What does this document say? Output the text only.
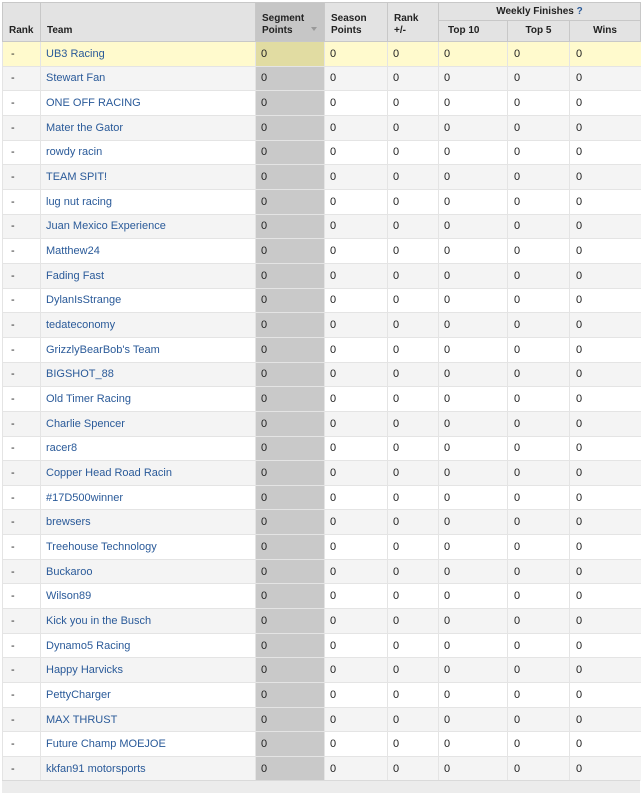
Rank	Team	Segment Points	Season Points	Rank +/-	Weekly Finishes ?		
					Top 10	Top 5	Wins
-	UB3 Racing	0	0	0	0	0	0
-	Stewart Fan	0	0	0	0	0	0
-	ONE OFF RACING	0	0	0	0	0	0
-	Mater the Gator	0	0	0	0	0	0
-	rowdy racin	0	0	0	0	0	0
-	TEAM SPIT!	0	0	0	0	0	0
-	lug nut racing	0	0	0	0	0	0
-	Juan Mexico Experience	0	0	0	0	0	0
-	Matthew24	0	0	0	0	0	0
-	Fading Fast	0	0	0	0	0	0
-	DylanIsStrange	0	0	0	0	0	0
-	tedateconomy	0	0	0	0	0	0
-	GrizzlyBearBob's Team	0	0	0	0	0	0
-	BIGSHOT_88	0	0	0	0	0	0
-	Old Timer Racing	0	0	0	0	0	0
-	Charlie Spencer	0	0	0	0	0	0
-	racer8	0	0	0	0	0	0
-	Copper Head Road Racin	0	0	0	0	0	0
-	#17D500winner	0	0	0	0	0	0
-	brewsers	0	0	0	0	0	0
-	Treehouse Technology	0	0	0	0	0	0
-	Buckaroo	0	0	0	0	0	0
-	Wilson89	0	0	0	0	0	0
-	Kick you in the Busch	0	0	0	0	0	0
-	Dynamo5 Racing	0	0	0	0	0	0
-	Happy Harvicks	0	0	0	0	0	0
-	PettyCharger	0	0	0	0	0	0
-	MAX THRUST	0	0	0	0	0	0
-	Future Champ MOEJOE	0	0	0	0	0	0
-	kkfan91 motorsports	0	0	0	0	0	0
